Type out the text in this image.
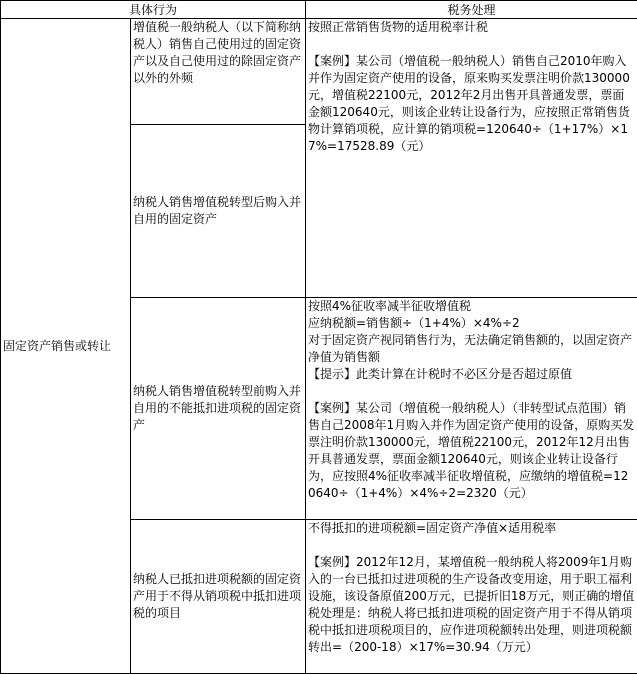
具体行为		税务处理
固定资产销售或转让	增值税一般纳税人（以下简称纳税人）销售自己使用过的固定资产以及自己使用过的除固定资产以外的外频	按照正常销售货物的适用税率计税

【案例】某公司（增值税一般纳税人）销售自己2010年购入并作为固定资产使用的设备，原来购买发票注明价款130000元，增值税22100元，2012年2月出售开具普通发票，票面金额120640元，则该企业转让设备行为，应按照正常销售货物计算销项税，应计算的销项税=120640÷（1+17%）×17%=17528.89（元）

	纳税人销售增值税转型后购入并自用的固定资产	
	纳税人销售增值税转型前购入并自用的不能抵扣进项税的固定资产	按照4%征收率减半征收增值税

应纳税额=销售额÷（1+4%）×4%÷2

对于固定资产视同销售行为，无法确定销售额的，以固定资产净值为销售额

【提示】此类计算在计税时不必区分是否超过原值

【案例】某公司（增值税一般纳税人）（非转型试点范围）销售自己2008年1月购入并作为固定资产使用的设备，原购买发票注明价款130000元，增值税22100元，2012年12月出售开具普通发票，票面金额120640元，则该企业转让设备行为，应按照4%征收率减半征收增值税，应缴纳的增值税=120640÷（1+4%）×4%÷2=2320（元）

	纳税人已抵扣进项税额的固定资产用于不得从销项税中抵扣进项税的项目	不得抵扣的进项税额=固定资产净值×适用税率

【案例】2012年12月，某增值税一般纳税人将2009年1月购入的一台已抵扣过进项税的生产设备改变用途，用于职工福利设施，该设备原值200万元，已提折旧18万元，则正确的增值税处理是：纳税人将已抵扣进项税的固定资产用于不得从销项税中抵扣进项税项目的，应作进项税额转出处理，则进项税额转出=（200-18）×17%=30.94（万元）
